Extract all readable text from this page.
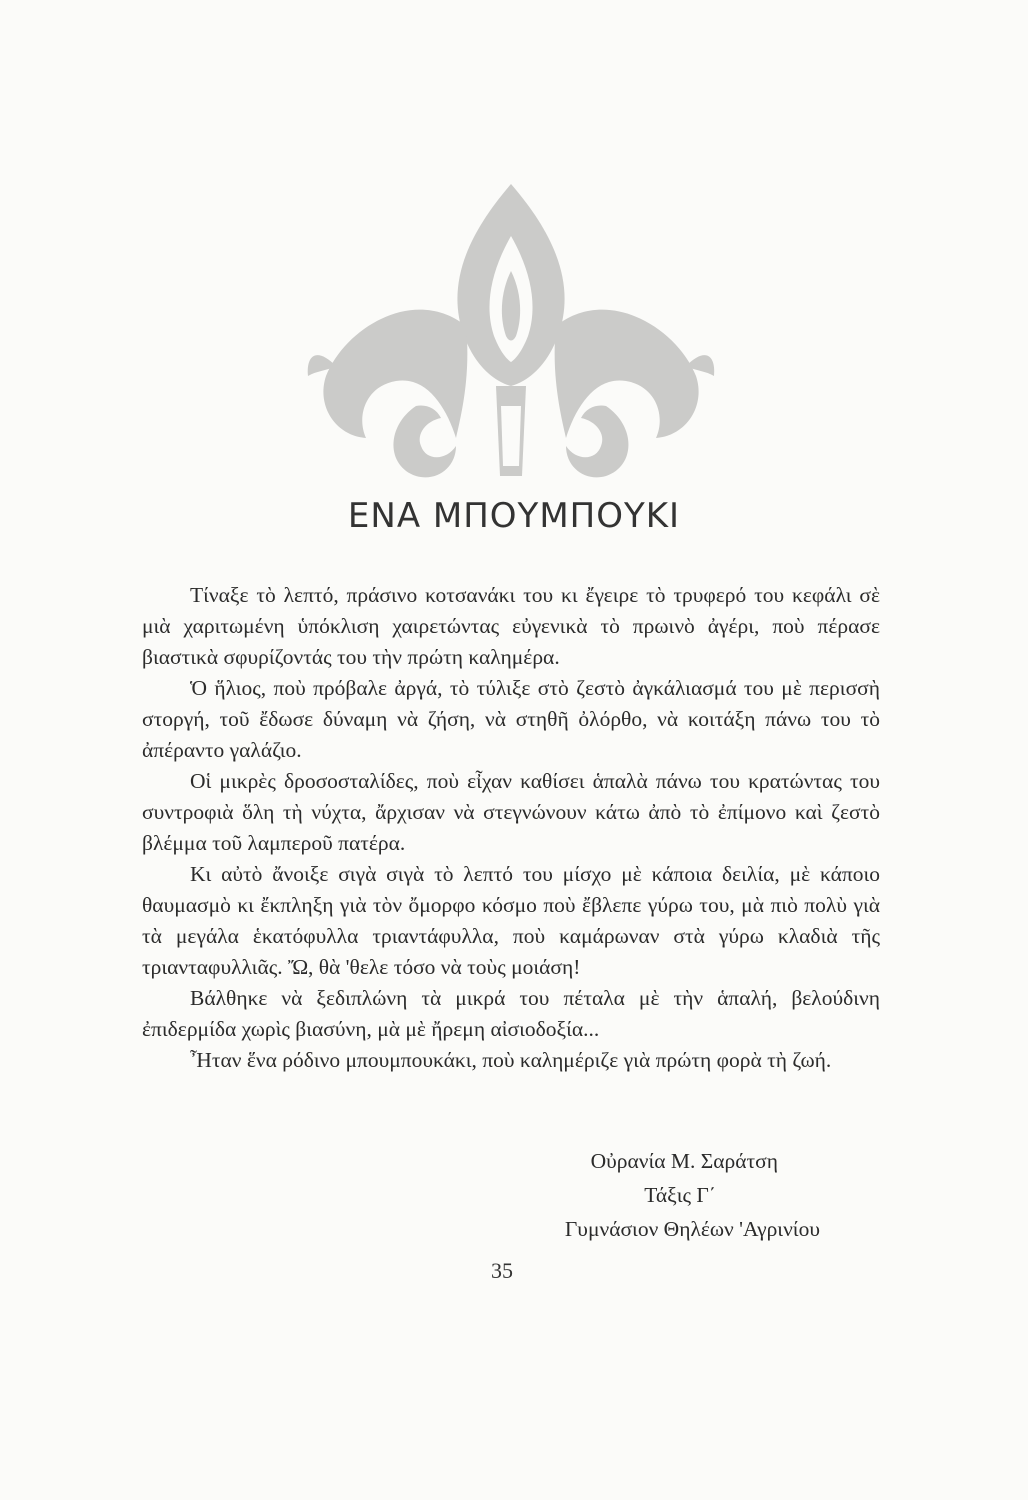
ΕΝΑ ΜΠΟΥΜΠΟΥΚΙ

Τίναξε τὸ λεπτό, πράσινο κοτσανάκι του κι ἔγειρε τὸ τρυφερό του κεφάλι σὲ μιὰ χαριτωμένη ὑπόκλιση χαιρετώντας εὐγενικὰ τὸ πρωινὸ ἀγέρι, ποὺ πέρασε βιαστικὰ σφυρίζοντάς του τὴν πρώτη καλημέρα.

Ὁ ἥλιος, ποὺ πρόβαλε ἀργά, τὸ τύλιξε στὸ ζεστὸ ἀγκάλιασμά του μὲ περισσὴ στοργή, τοῦ ἔδωσε δύναμη νὰ ζήση, νὰ στηθῆ ὀλόρθο, νὰ κοιτάξη πάνω του τὸ ἀπέραντο γαλάζιο.

Οἱ μικρὲς δροσοσταλίδες, ποὺ εἶχαν καθίσει ἁπαλὰ πάνω του κρατώντας του συντροφιὰ ὅλη τὴ νύχτα, ἄρχισαν νὰ στεγνώνουν κάτω ἀπὸ τὸ ἐπίμονο καὶ ζεστὸ βλέμμα τοῦ λαμπεροῦ πατέρα.

Κι αὐτὸ ἄνοιξε σιγὰ σιγὰ τὸ λεπτό του μίσχο μὲ κάποια δειλία, μὲ κάποιο θαυμασμὸ κι ἔκπληξη γιὰ τὸν ὄμορφο κόσμο ποὺ ἔβλεπε γύρω του, μὰ πιὸ πολὺ γιὰ τὰ μεγάλα ἑκατόφυλλα τριαντάφυλλα, ποὺ καμάρωναν στὰ γύρω κλαδιὰ τῆς τριανταφυλλιᾶς. Ὤ, θὰ 'θελε τόσο νὰ τοὺς μοιάση!

Βάλθηκε νὰ ξεδιπλώνη τὰ μικρά του πέταλα μὲ τὴν ἁπαλή, βελούδινη ἐπιδερμίδα χωρὶς βιασύνη, μὰ μὲ ἤρεμη αἰσιοδοξία...

Ἦταν ἕνα ρόδινο μπουμπουκάκι, ποὺ καλημέριζε γιὰ πρώτη φορὰ τὴ ζωή.

Οὐρανία Μ. Σαράτση
Τάξις Γ΄
Γυμνάσιον Θηλέων 'Αγρινίου
35
